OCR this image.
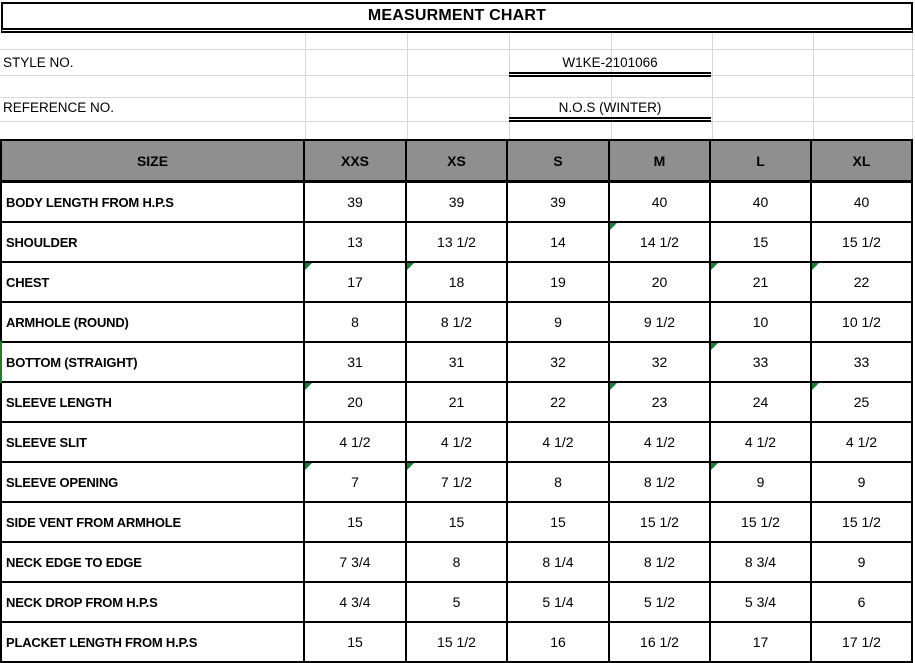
MEASURMENT CHART
STYLE NO.	W1KE-2101066
REFERENCE NO.	N.O.S (WINTER)
SIZE	XXS	XS	S	M	L	XL
BODY LENGTH FROM H.P.S	39	39	39	40	40	40
SHOULDER	13	13 1/2	14	14 1/2	15	15 1/2
CHEST	17	18	19	20	21	22
ARMHOLE (ROUND)	8	8 1/2	9	9 1/2	10	10 1/2
BOTTOM (STRAIGHT)	31	31	32	32	33	33
SLEEVE LENGTH	20	21	22	23	24	25
SLEEVE SLIT	4 1/2	4 1/2	4 1/2	4 1/2	4 1/2	4 1/2
SLEEVE OPENING	7	7 1/2	8	8 1/2	9	9
SIDE VENT FROM ARMHOLE	15	15	15	15 1/2	15 1/2	15 1/2
NECK EDGE TO EDGE	7 3/4	8	8 1/4	8 1/2	8 3/4	9
NECK DROP FROM H.P.S	4 3/4	5	5 1/4	5 1/2	5 3/4	6
PLACKET LENGTH FROM H.P.S	15	15 1/2	16	16 1/2	17	17 1/2
